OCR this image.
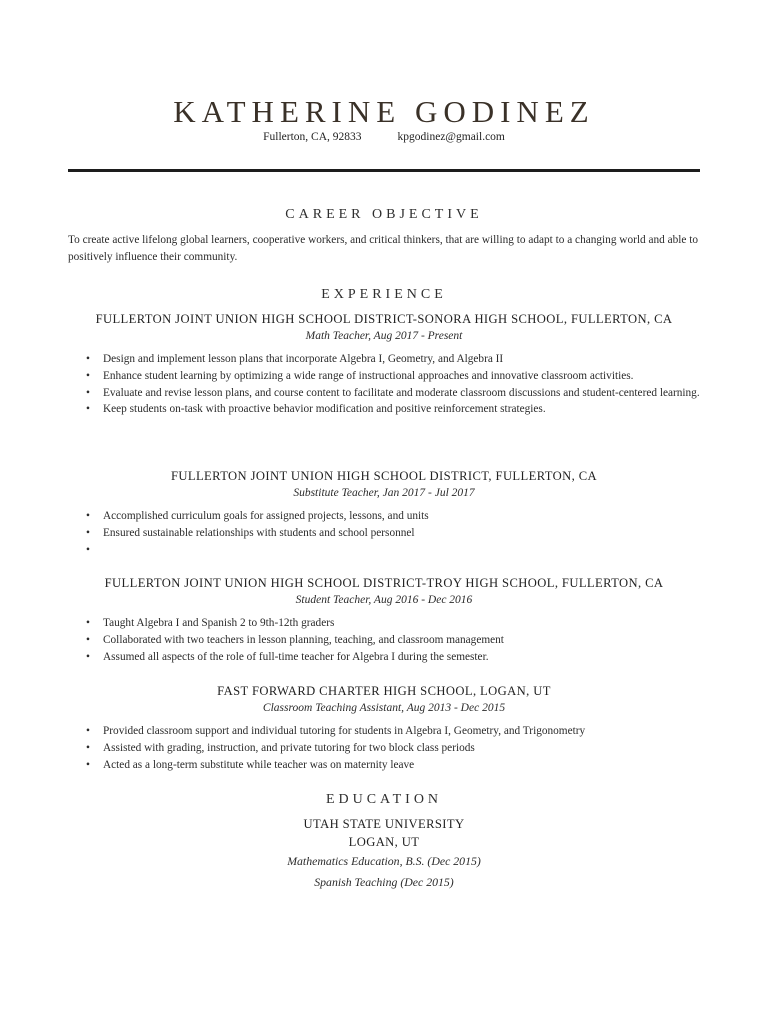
KATHERINE GODINEZ
Fullerton, CA, 92833	kpgodinez@gmail.com
CAREER OBJECTIVE
To create active lifelong global learners, cooperative workers, and critical thinkers, that are willing to adapt to a changing world and able to positively influence their community.
EXPERIENCE
FULLERTON JOINT UNION HIGH SCHOOL DISTRICT-SONORA HIGH SCHOOL, FULLERTON, CA
Math Teacher, Aug 2017 - Present
• Design and implement lesson plans that incorporate Algebra I, Geometry, and Algebra II
• Enhance student learning by optimizing a wide range of instructional approaches and innovative classroom activities.
• Evaluate and revise lesson plans, and course content to facilitate and moderate classroom discussions and student-centered learning.
• Keep students on-task with proactive behavior modification and positive reinforcement strategies.
FULLERTON JOINT UNION HIGH SCHOOL DISTRICT, FULLERTON, CA
Substitute Teacher, Jan 2017 - Jul 2017
• Accomplished curriculum goals for assigned projects, lessons, and units
• Ensured sustainable relationships with students and school personnel
•
FULLERTON JOINT UNION HIGH SCHOOL DISTRICT-TROY HIGH SCHOOL, FULLERTON, CA
Student Teacher, Aug 2016 - Dec 2016
• Taught Algebra I and Spanish 2 to 9th-12th graders
• Collaborated with two teachers in lesson planning, teaching, and classroom management
• Assumed all aspects of the role of full-time teacher for Algebra I during the semester.
FAST FORWARD CHARTER HIGH SCHOOL, LOGAN, UT
Classroom Teaching Assistant, Aug 2013 - Dec 2015
• Provided classroom support and individual tutoring for students in Algebra I, Geometry, and Trigonometry
• Assisted with grading, instruction, and private tutoring for two block class periods
• Acted as a long-term substitute while teacher was on maternity leave
EDUCATION
UTAH STATE UNIVERSITY
LOGAN, UT
Mathematics Education, B.S. (Dec 2015)
Spanish Teaching (Dec 2015)
